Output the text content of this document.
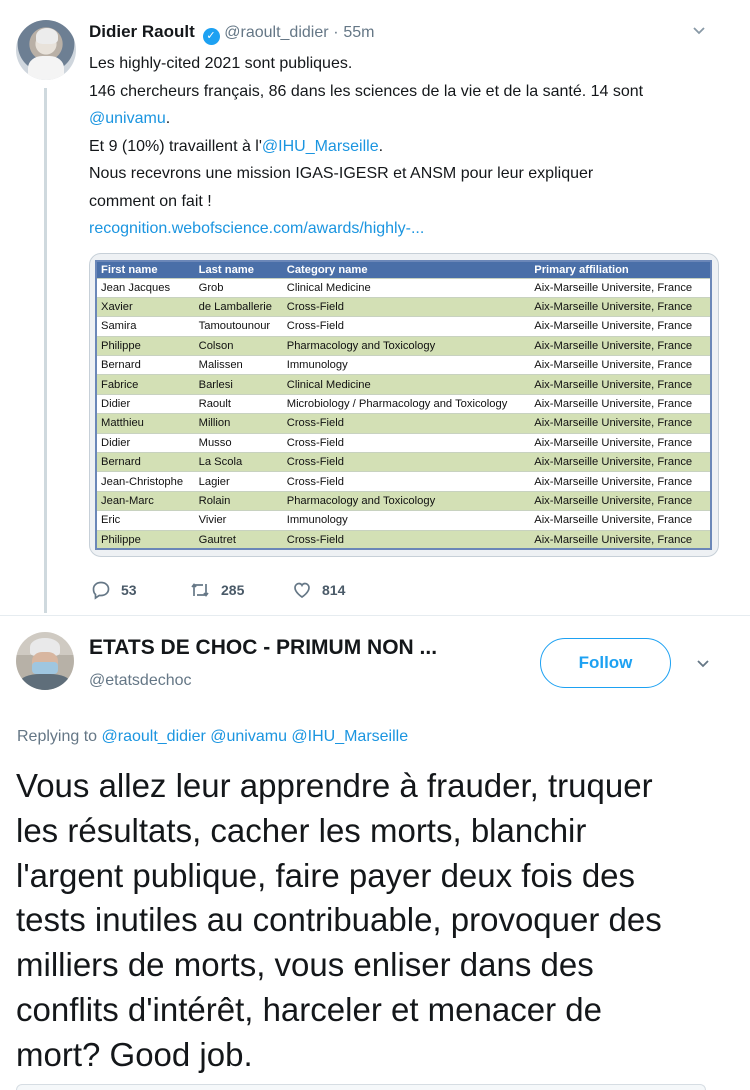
Didier Raoult ✓ @raoult_didier · 55m

Les highly-cited 2021 sont publiques.

146 chercheurs français, 86 dans les sciences de la vie et de la santé. 14 sont

@univamu.

Et 9 (10%) travaillent à l'@IHU_Marseille.

Nous recevrons une mission IGAS-IGESR et ANSM pour leur expliquer

comment on fait !

recognition.webofscience.com/awards/highly-...

First name	Last name	Category name	Primary affiliation
Jean Jacques	Grob	Clinical Medicine	Aix-Marseille Universite, France
Xavier	de Lamballerie	Cross-Field	Aix-Marseille Universite, France
Samira	Tamoutounour	Cross-Field	Aix-Marseille Universite, France
Philippe	Colson	Pharmacology and Toxicology	Aix-Marseille Universite, France
Bernard	Malissen	Immunology	Aix-Marseille Universite, France
Fabrice	Barlesi	Clinical Medicine	Aix-Marseille Universite, France
Didier	Raoult	Microbiology / Pharmacology and Toxicology	Aix-Marseille Universite, France
Matthieu	Million	Cross-Field	Aix-Marseille Universite, France
Didier	Musso	Cross-Field	Aix-Marseille Universite, France
Bernard	La Scola	Cross-Field	Aix-Marseille Universite, France
Jean-Christophe	Lagier	Cross-Field	Aix-Marseille Universite, France
Jean-Marc	Rolain	Pharmacology and Toxicology	Aix-Marseille Universite, France
Eric	Vivier	Immunology	Aix-Marseille Universite, France
Philippe	Gautret	Cross-Field	Aix-Marseille Universite, France
53	285	814
ETATS DE CHOC - PRIMUM NON ...
@etatsdechoc
Follow
Replying to @raoult_didier @univamu @IHU_Marseille

Vous allez leur apprendre à frauder, truquer

les résultats, cacher les morts, blanchir

l'argent publique, faire payer deux fois des

tests inutiles au contribuable, provoquer des

milliers de morts, vous enliser dans des

conflits d'intérêt, harceler et menacer de

mort? Good job.
